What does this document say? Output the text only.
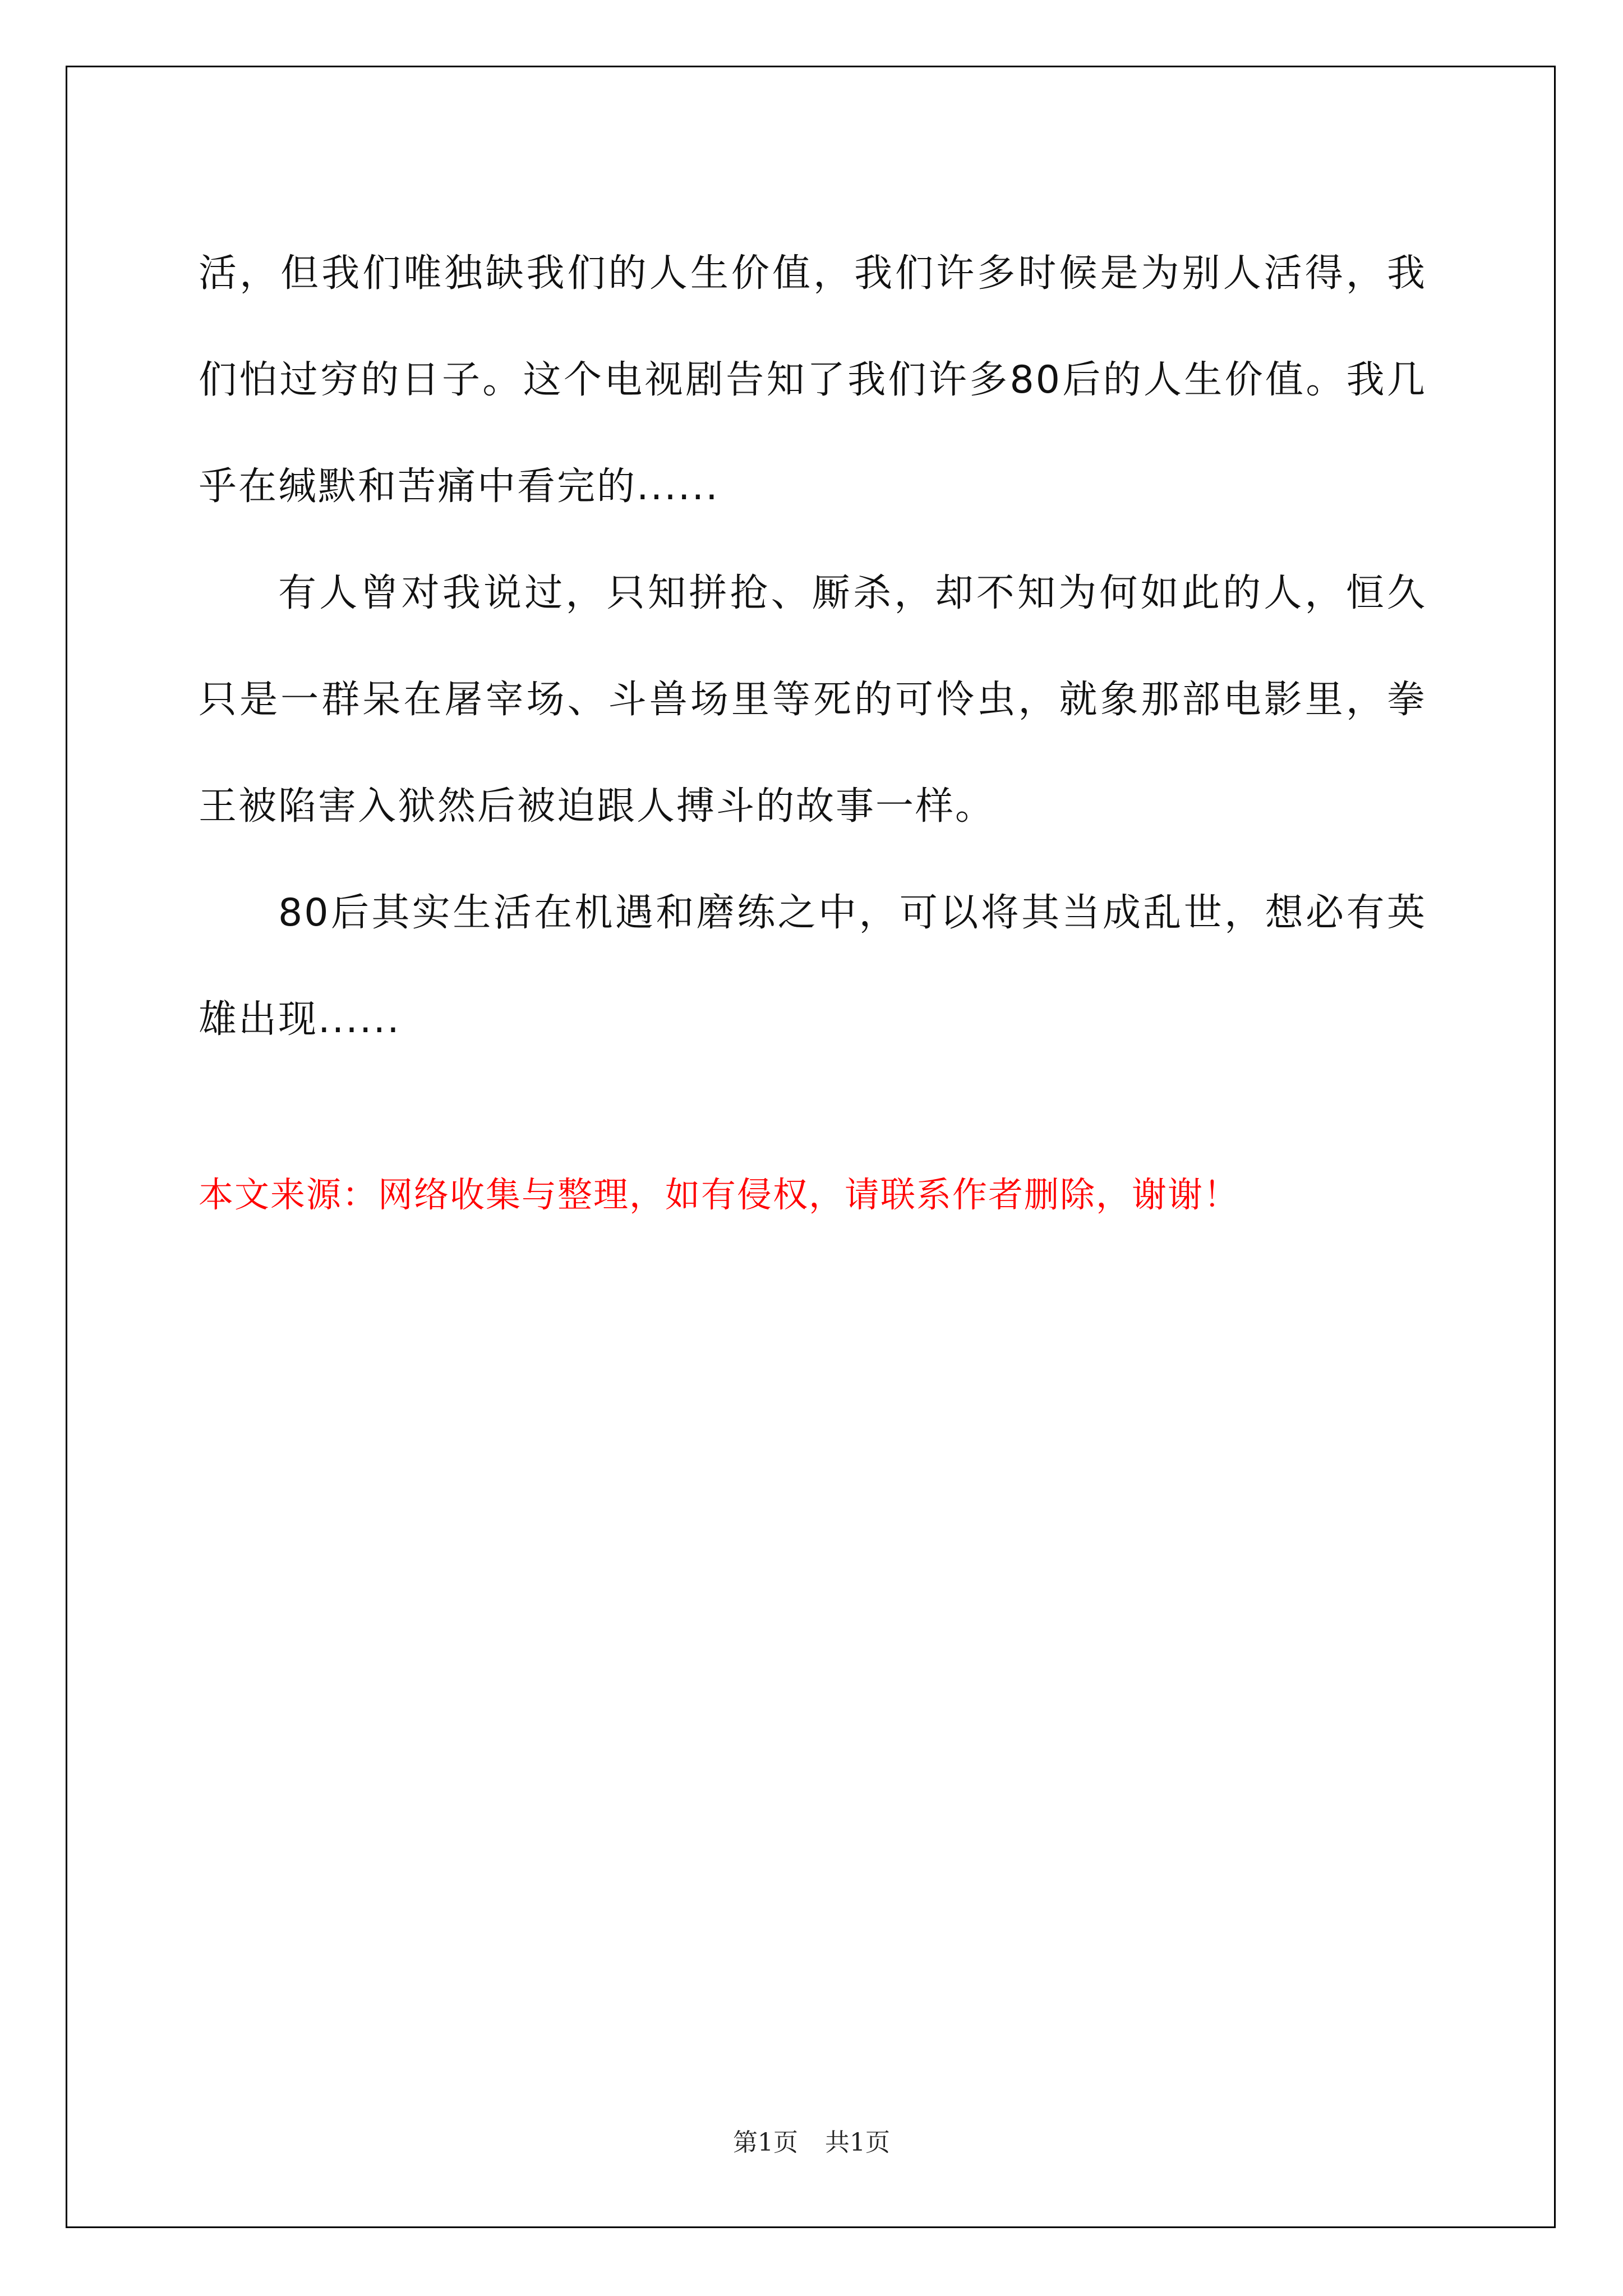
活，但我们唯独缺我们的人生价值，我们许多时候是为别人活得，我们怕过穷的日子。这个电视剧告知了我们许多80后的人生价值。我几乎在缄默和苦痛中看完的......

有人曾对我说过，只知拼抢、厮杀，却不知为何如此的人，恒久只是一群呆在屠宰场、斗兽场里等死的可怜虫，就象那部电影里，拳王被陷害入狱然后被迫跟人搏斗的故事一样。

80后其实生活在机遇和磨练之中，可以将其当成乱世，想必有英雄出现......

本文来源：网络收集与整理，如有侵权，请联系作者删除，谢谢！
第1页 共1页
